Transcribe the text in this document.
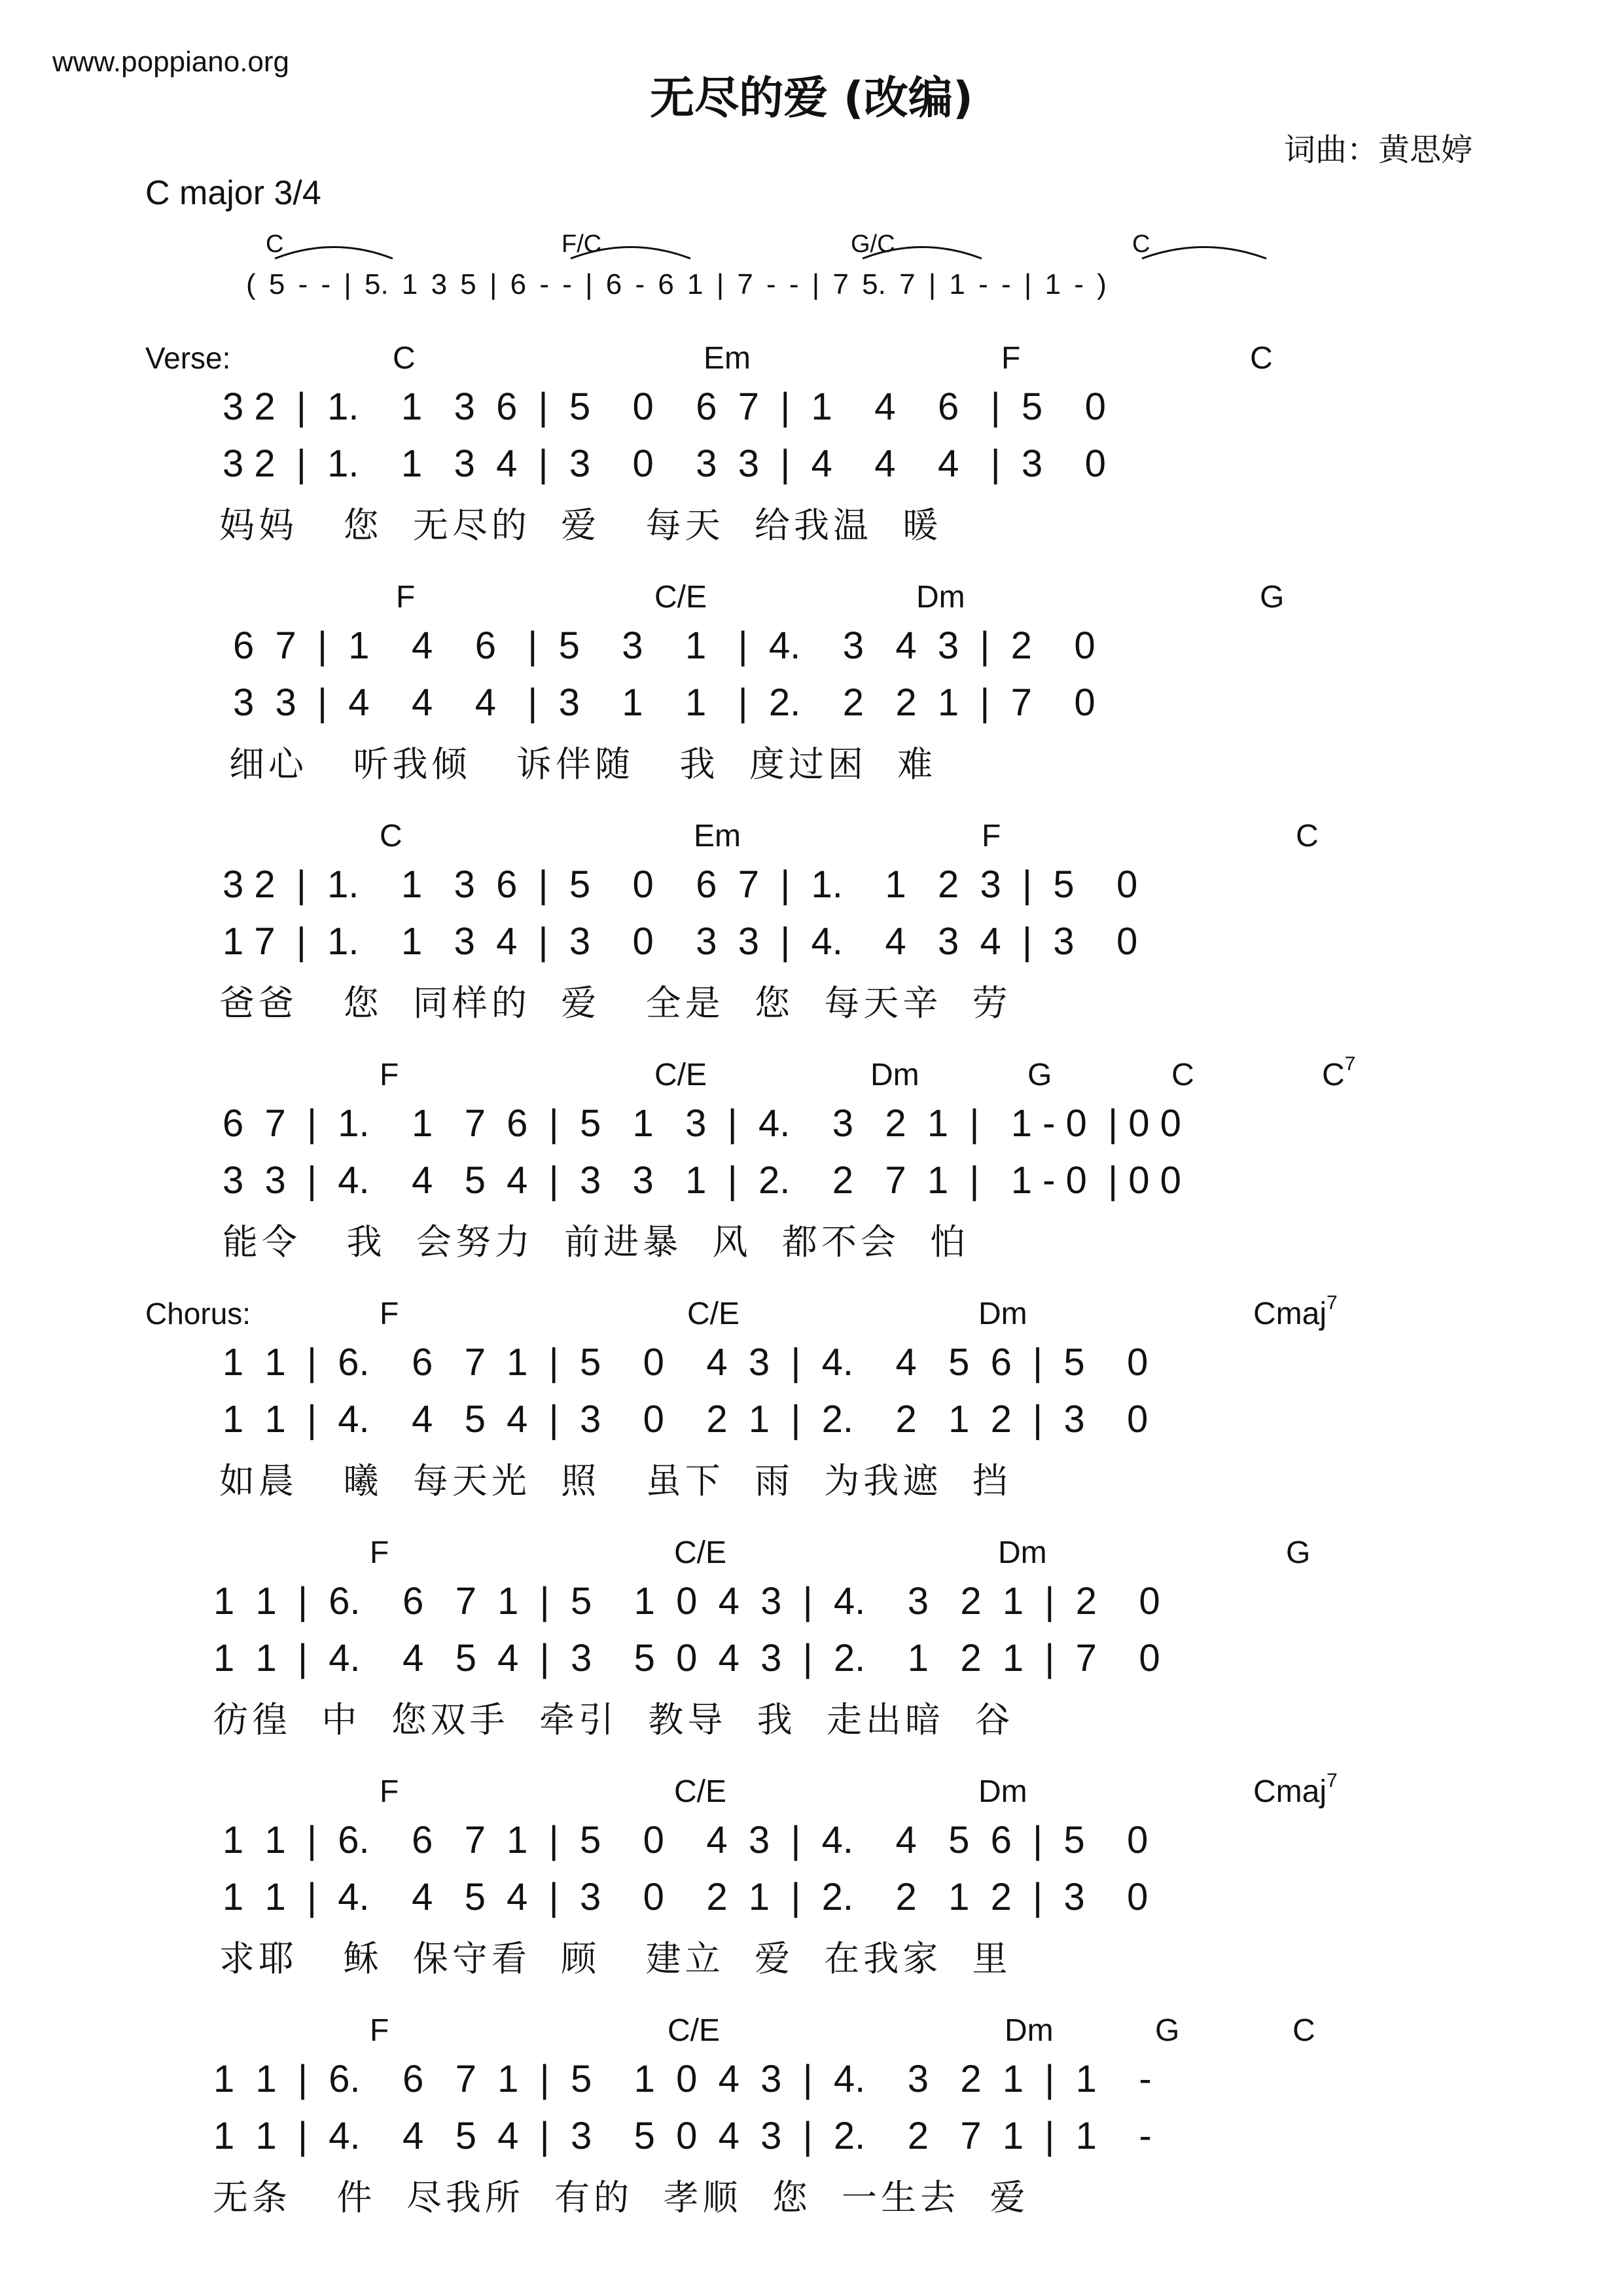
www.poppiano.org
无尽的爱 (改编)
词曲：黄思婷
C major 3/4
C	F/C	G/C	C
( 5 - - | 5. 1 3 5 | 6 - - | 6 - 6 1 | 7 - - | 7 5. 7 | 1 - - | 1 - )
Verse:
Chorus:
C	Em	F	C
3 2  |  1.    1   3  6  |  5    0    6  7  |  1    4    6   |  5    0
3 2  |  1.    1   3  4  |  3    0    3  3  |  4    4    4   |  3    0
妈妈   您  无尽的  爱   每天  给我温  暖
F	C/E	Dm	G
6  7  |  1    4    6   |  5    3    1   |  4.    3   4  3  |  2    0
3  3  |  4    4    4   |  3    1    1   |  2.    2   2  1  |  7    0
细心   听我倾   诉伴随   我  度过困  难
C	Em	F	C
3 2  |  1.    1   3  6  |  5    0    6  7  |  1.    1   2  3  |  5    0
1 7  |  1.    1   3  4  |  3    0    3  3  |  4.    4   3  4  |  3    0
爸爸   您  同样的  爱   全是  您  每天辛  劳
F	C/E	Dm	G	C	$C^7$
6  7  |  1.    1   7  6  |  5   1   3  |  4.    3   2  1  |   1 - 0  | 0 0
3  3  |  4.    4   5  4  |  3   3   1  |  2.    2   7  1  |   1 - 0  | 0 0
能令   我  会努力  前进暴  风  都不会  怕
F	C/E	Dm	Cmaj$^7$
1  1  |  6.    6   7  1  |  5    0    4  3  |  4.    4   5  6  |  5    0
1  1  |  4.    4   5  4  |  3    0    2  1  |  2.    2   1  2  |  3    0
如晨   曦  每天光  照   虽下  雨  为我遮  挡
F	C/E	Dm	G
1  1  |  6.    6   7  1  |  5    1  0  4  3  |  4.    3   2  1  |  2    0
1  1  |  4.    4   5  4  |  3    5  0  4  3  |  2.    1   2  1  |  7    0
彷徨  中  您双手  牵引  教导  我  走出暗  谷
F	C/E	Dm	Cmaj$^7$
1  1  |  6.    6   7  1  |  5    0    4  3  |  4.    4   5  6  |  5    0
1  1  |  4.    4   5  4  |  3    0    2  1  |  2.    2   1  2  |  3    0
求耶   稣  保守看  顾   建立  爱  在我家  里
F	C/E	Dm	G	C
1  1  |  6.    6   7  1  |  5    1  0  4  3  |  4.    3   2  1  |  1    -
1  1  |  4.    4   5  4  |  3    5  0  4  3  |  2.    2   7  1  |  1    -
无条   件  尽我所  有的  孝顺  您  一生去  爱
